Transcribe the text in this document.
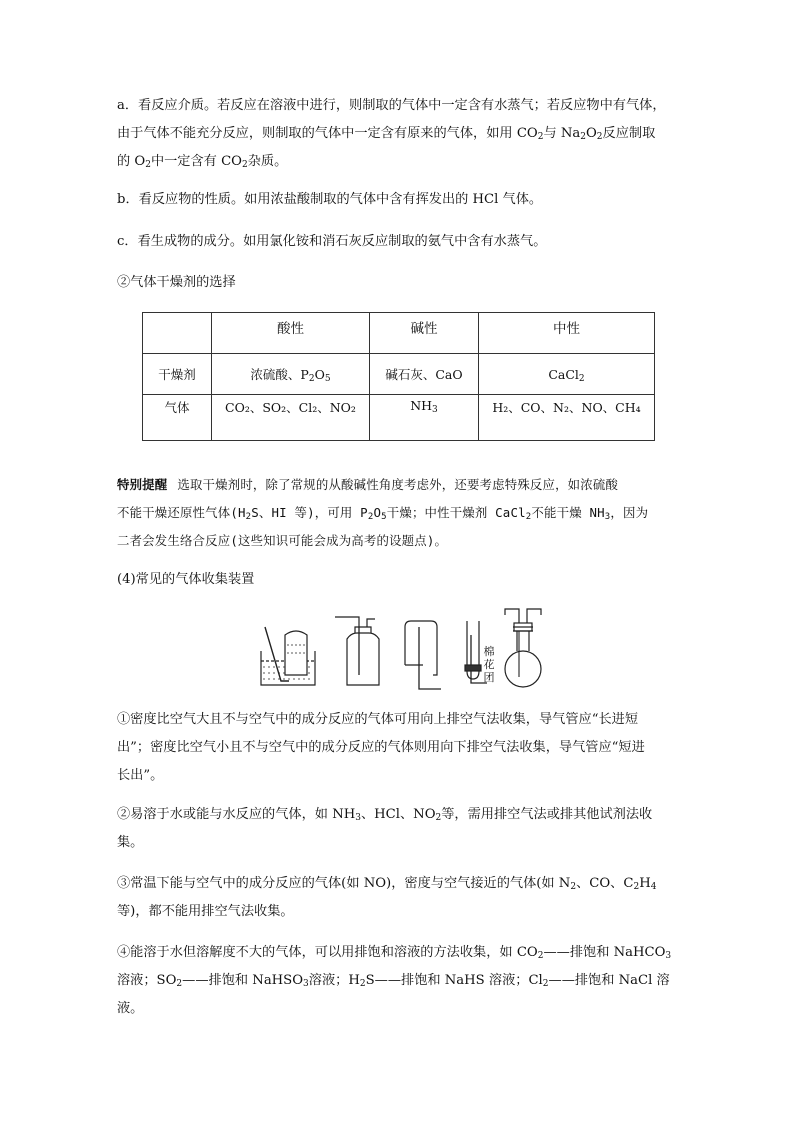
a．看反应介质。若反应在溶液中进行，则制取的气体中一定含有水蒸气；若反应物中有气体，
由于气体不能充分反应，则制取的气体中一定含有原来的气体，如用 $CO_2$与 $Na_2O_2$反应制取
的 $O_2$中一定含有 $CO_2$杂质。

b．看反应物的性质。如用浓盐酸制取的气体中含有挥发出的 HCl 气体。

c．看生成物的成分。如用氯化铵和消石灰反应制取的氨气中含有水蒸气。

②气体干燥剂的选择

	酸性	碱性	中性
干燥剂	浓硫酸、$P_2O_5$	碱石灰、CaO	CaCl$_2$
气体	CO₂、SO₂、Cl₂、NO₂	$NH_3$	H₂、CO、N₂、NO、CH₄

特别提醒 选取干燥剂时，除了常规的从酸碱性角度考虑外，还要考虑特殊反应，如浓硫酸
不能干燥还原性气体($H_2S$、HI 等)，可用 $P_2O_5$干燥；中性干燥剂 CaCl$_2$不能干燥 $NH_3$，因为
二者会发生络合反应(这些知识可能会成为高考的设题点)。

(4)常见的气体收集装置

棉花团

①密度比空气大且不与空气中的成分反应的气体可用向上排空气法收集，导气管应“长进短
出”；密度比空气小且不与空气中的成分反应的气体则用向下排空气法收集，导气管应“短进
长出”。

②易溶于水或能与水反应的气体，如 $NH_3$、HCl、$NO_2$等，需用排空气法或排其他试剂法收
集。

③常温下能与空气中的成分反应的气体(如 NO)，密度与空气接近的气体(如 $N_2$、CO、$C_2H_4$
等)，都不能用排空气法收集。

④能溶于水但溶解度不大的气体，可以用排饱和溶液的方法收集，如 $CO_2——$排饱和 NaHCO$_3$
溶液；$SO_2——$排饱和 NaHSO$_3$溶液；$H_2S——$排饱和 NaHS 溶液；$Cl_2——$排饱和 NaCl 溶液。
